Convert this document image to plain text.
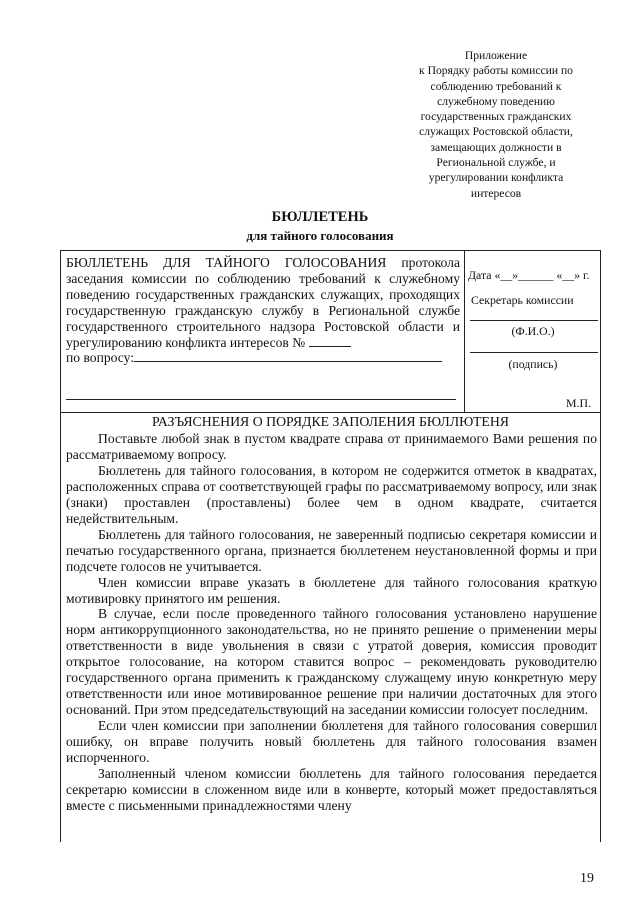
Приложение
к Порядку работы комиссии по
соблюдению требований к
служебному поведению
государственных гражданских
служащих Ростовской области,
замещающих должности в
Региональной службе, и
урегулировании конфликта
интересов
БЮЛЛЕТЕНЬ
для тайного голосования

БЮЛЛЕТЕНЬ ДЛЯ ТАЙНОГО ГОЛОСОВАНИЯ протокола заседания комиссии по соблюдению требований к служебному поведению государственных гражданских служащих, проходящих государственную гражданскую службу в Региональной службе государственного строительного надзора Ростовской области и урегулированию конфликта интересов №

по вопросу:

Дата «__»______ «__» г.
Секретарь комиссии
(Ф.И.О.)
(подпись)
М.П.
РАЗЪЯСНЕНИЯ О ПОРЯДКЕ ЗАПОЛЕНИЯ БЮЛЛЮТЕНЯ

Поставьте любой знак в пустом квадрате справа от принимаемого Вами решения по рассматриваемому вопросу.

Бюллетень для тайного голосования, в котором не содержится отметок в квадратах, расположенных справа от соответствующей графы по рассматриваемому вопросу, или знак (знаки) проставлен (проставлены) более чем в одном квадрате, считается недействительным.

Бюллетень для тайного голосования, не заверенный подписью секретаря комиссии и печатью государственного органа, признается бюллетенем неустановленной формы и при подсчете голосов не учитывается.

Член комиссии вправе указать в бюллетене для тайного голосования краткую мотивировку принятого им решения.

В случае, если после проведенного тайного голосования установлено нарушение норм антикоррупционного законодательства, но не принято решение о применении меры ответственности в виде увольнения в связи с утратой доверия, комиссия проводит открытое голосование, на котором ставится вопрос – рекомендовать руководителю государственного органа применить к гражданскому служащему иную конкретную меру ответственности или иное мотивированное решение при наличии достаточных для этого оснований. При этом председательствующий на заседании комиссии голосует последним.

Если член комиссии при заполнении бюллетеня для тайного голосования совершил ошибку, он вправе получить новый бюллетень для тайного голосования взамен испорченного.

Заполненный членом комиссии бюллетень для тайного голосования передается секретарю комиссии в сложенном виде или в конверте, который может предоставляться вместе с письменными принадлежностями члену

19
